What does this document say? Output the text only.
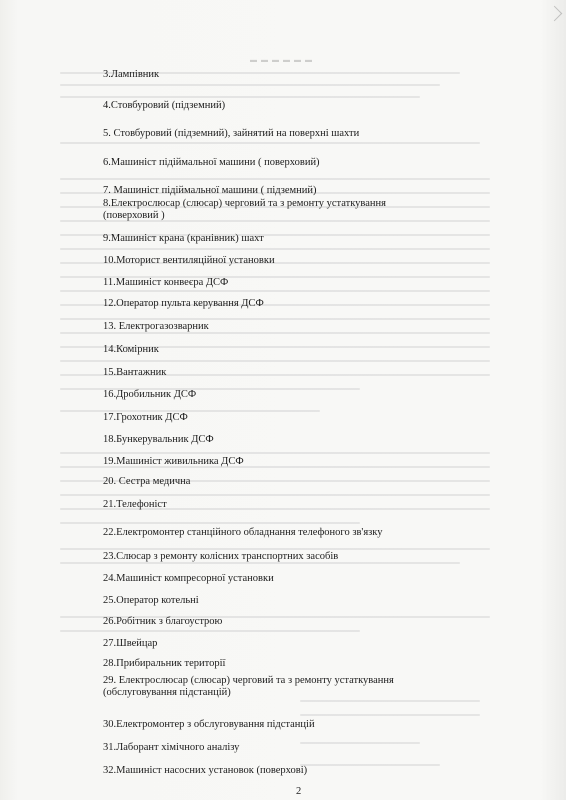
▬▬▬▬▬▬
3.Лампівник
4.Стовбуровий (підземний)
5. Стовбуровий (підземний), зайнятий на поверхні шахти
6.Машиніст підіймальної машини ( поверховий)
7. Машиніст підіймальної машини ( підземний)
8.Електрослюсар (слюсар) черговий та з ремонту устаткування (поверховий )
9.Машиніст крана (кранівник) шахт
10.Моторист вентиляційної установки
11.Машиніст конвеєра ДСФ
12.Оператор пульта керування ДСФ
13. Електрогазозварник
14.Комірник
15.Вантажник
16.Дробильник ДСФ
17.Грохотник ДСФ
18.Бункерувальник ДСФ
19.Машиніст живильника ДСФ
20. Сестра медична
21.Телефоніст
22.Електромонтер станційного обладнання телефоного зв'язку
23.Слюсар з ремонту колісних транспортних засобів
24.Машиніст компресорної установки
25.Оператор котельні
26.Робітник з благоустрою
27.Швейцар
28.Прибиральник території
29. Електрослюсар (слюсар) черговий та з ремонту устаткування (обслуговування підстанцій)
30.Електромонтер з обслуговування підстанцій
31.Лаборант хімічного аналізу
32.Машиніст насосних установок (поверхові)
2
